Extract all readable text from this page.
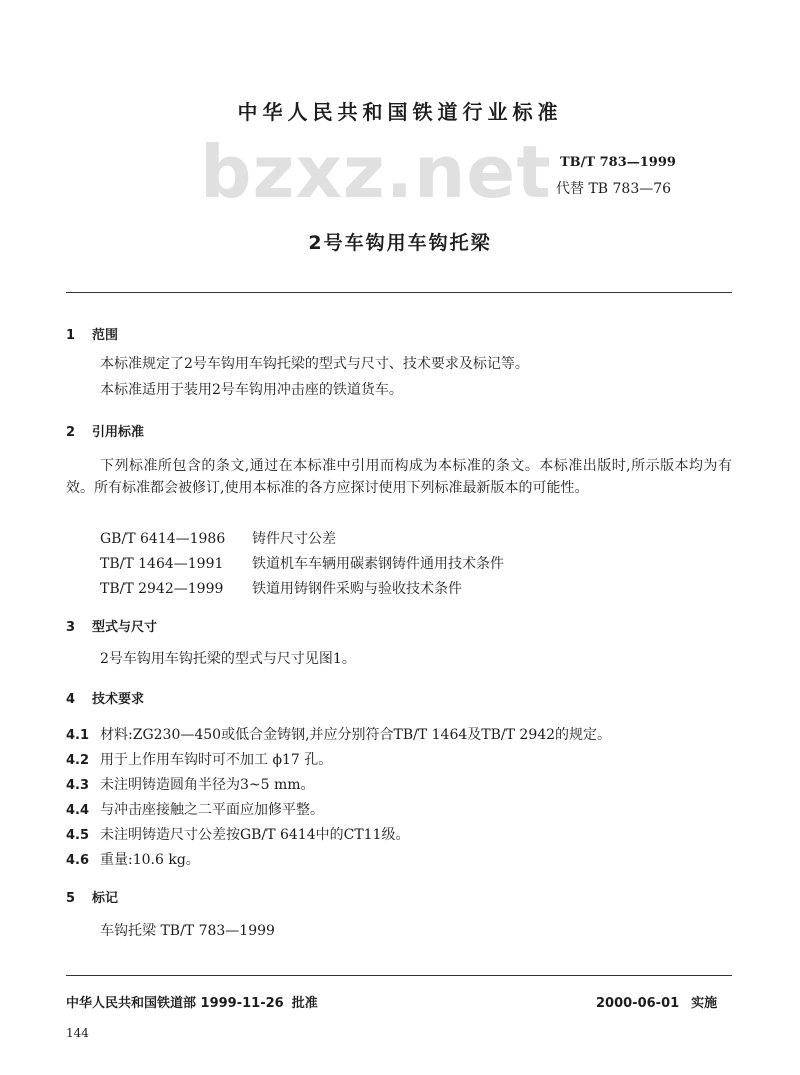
中华人民共和国铁道行业标准
bzxz.net TB/T 783—1999
代替 TB 783—76
2号车钩用车钩托梁
1 范围
本标准规定了2号车钩用车钩托梁的型式与尺寸、技术要求及标记等。
本标准适用于装用2号车钩用冲击座的铁道货车。
2 引用标准
下列标准所包含的条文,通过在本标准中引用而构成为本标准的条文。本标准出版时,所示版本均为有效。所有标准都会被修订,使用本标准的各方应探讨使用下列标准最新版本的可能性。
GB/T 6414—1986 铸件尺寸公差
TB/T 1464—1991 铁道机车车辆用碳素钢铸件通用技术条件
TB/T 2942—1999 铁道用铸钢件采购与验收技术条件
3 型式与尺寸
2号车钩用车钩托梁的型式与尺寸见图1。
4 技术要求
4.1 材料:ZG230—450或低合金铸钢,并应分别符合TB/T 1464及TB/T 2942的规定。
4.2 用于上作用车钩时可不加工 ϕ17 孔。
4.3 未注明铸造圆角半径为3~5 mm。
4.4 与冲击座接触之二平面应加修平整。
4.5 未注明铸造尺寸公差按GB/T 6414中的CT11级。
4.6 重量:10.6 kg。
5 标记
车钩托梁 TB/T 783—1999
中华人民共和国铁道部 1999-11-26 批准	2000-06-01 实施
144
